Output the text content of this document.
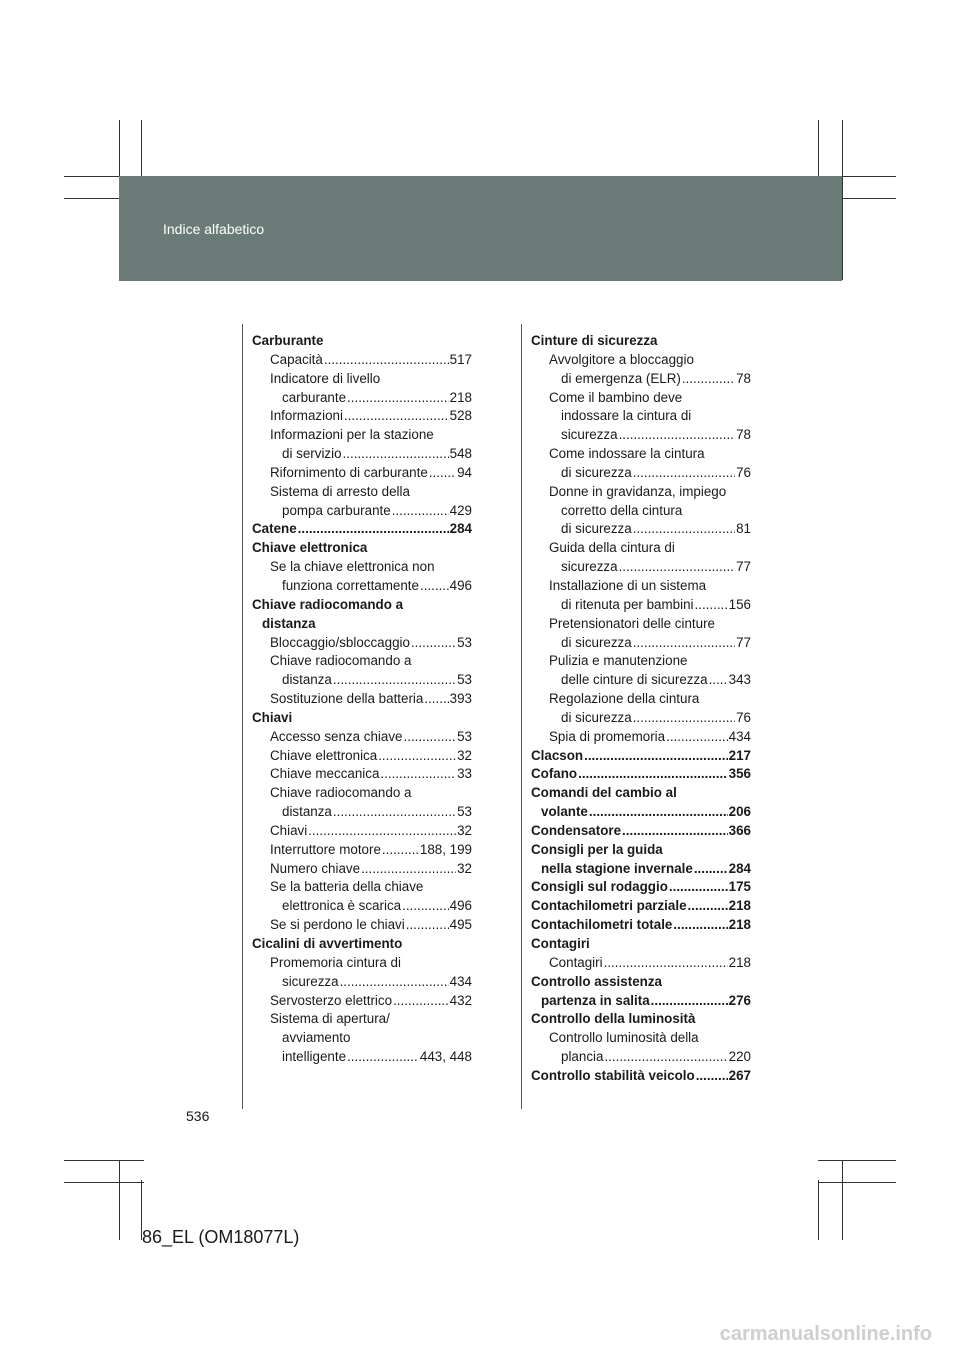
Indice alfabetico
Carburante
Capacità .....	517
Indicatore di livello
carburante .....	218
Informazioni .....	528
Informazioni per la stazione
di servizio .....	548
Rifornimento di carburante ..... 94
Sistema di arresto della
pompa carburante .....	429
Catene .....	284
Chiave elettronica
Se la chiave elettronica non
funziona correttamente ..... 496
Chiave radiocomando a
distanza
Bloccaggio/sbloccaggio .....	53
Chiave radiocomando a
distanza .....	53
Sostituzione della batteria ..... 393
Chiavi
Accesso senza chiave .....	53
Chiave elettronica .....	32
Chiave meccanica .....	33
Chiave radiocomando a
distanza .....	53
Chiavi .....	32
Interruttore motore .....	188, 199
Numero chiave .....	32
Se la batteria della chiave
elettronica è scarica .....	496
Se si perdono le chiavi .....	495
Cicalini di avvertimento
Promemoria cintura di
sicurezza .....	434
Servosterzo elettrico .....	432
Sistema di apertura/
avviamento
intelligente .....	443, 448
Cinture di sicurezza
Avvolgitore a bloccaggio
di emergenza (ELR) .....	78
Come il bambino deve
indossare la cintura di
sicurezza .....	78
Come indossare la cintura
di sicurezza .....	76
Donne in gravidanza, impiego
corretto della cintura
di sicurezza .....	81
Guida della cintura di
sicurezza .....	77
Installazione di un sistema
di ritenuta per bambini .....	156
Pretensionatori delle cinture
di sicurezza .....	77
Pulizia e manutenzione
delle cinture di sicurezza ..... 343
Regolazione della cintura
di sicurezza .....	76
Spia di promemoria .....	434
Clacson .....	217
Cofano .....	356
Comandi del cambio al
volante .....	206
Condensatore .....	366
Consigli per la guida
nella stagione invernale .....	284
Consigli sul rodaggio .....	175
Contachilometri parziale .....	218
Contachilometri totale .....	218
Contagiri
Contagiri .....	218
Controllo assistenza
partenza in salita .....	276
Controllo della luminosità
Controllo luminosità della
plancia .....	220
Controllo stabilità veicolo .....	267
536
86_EL (OM18077L)
carmanualsonline.info
